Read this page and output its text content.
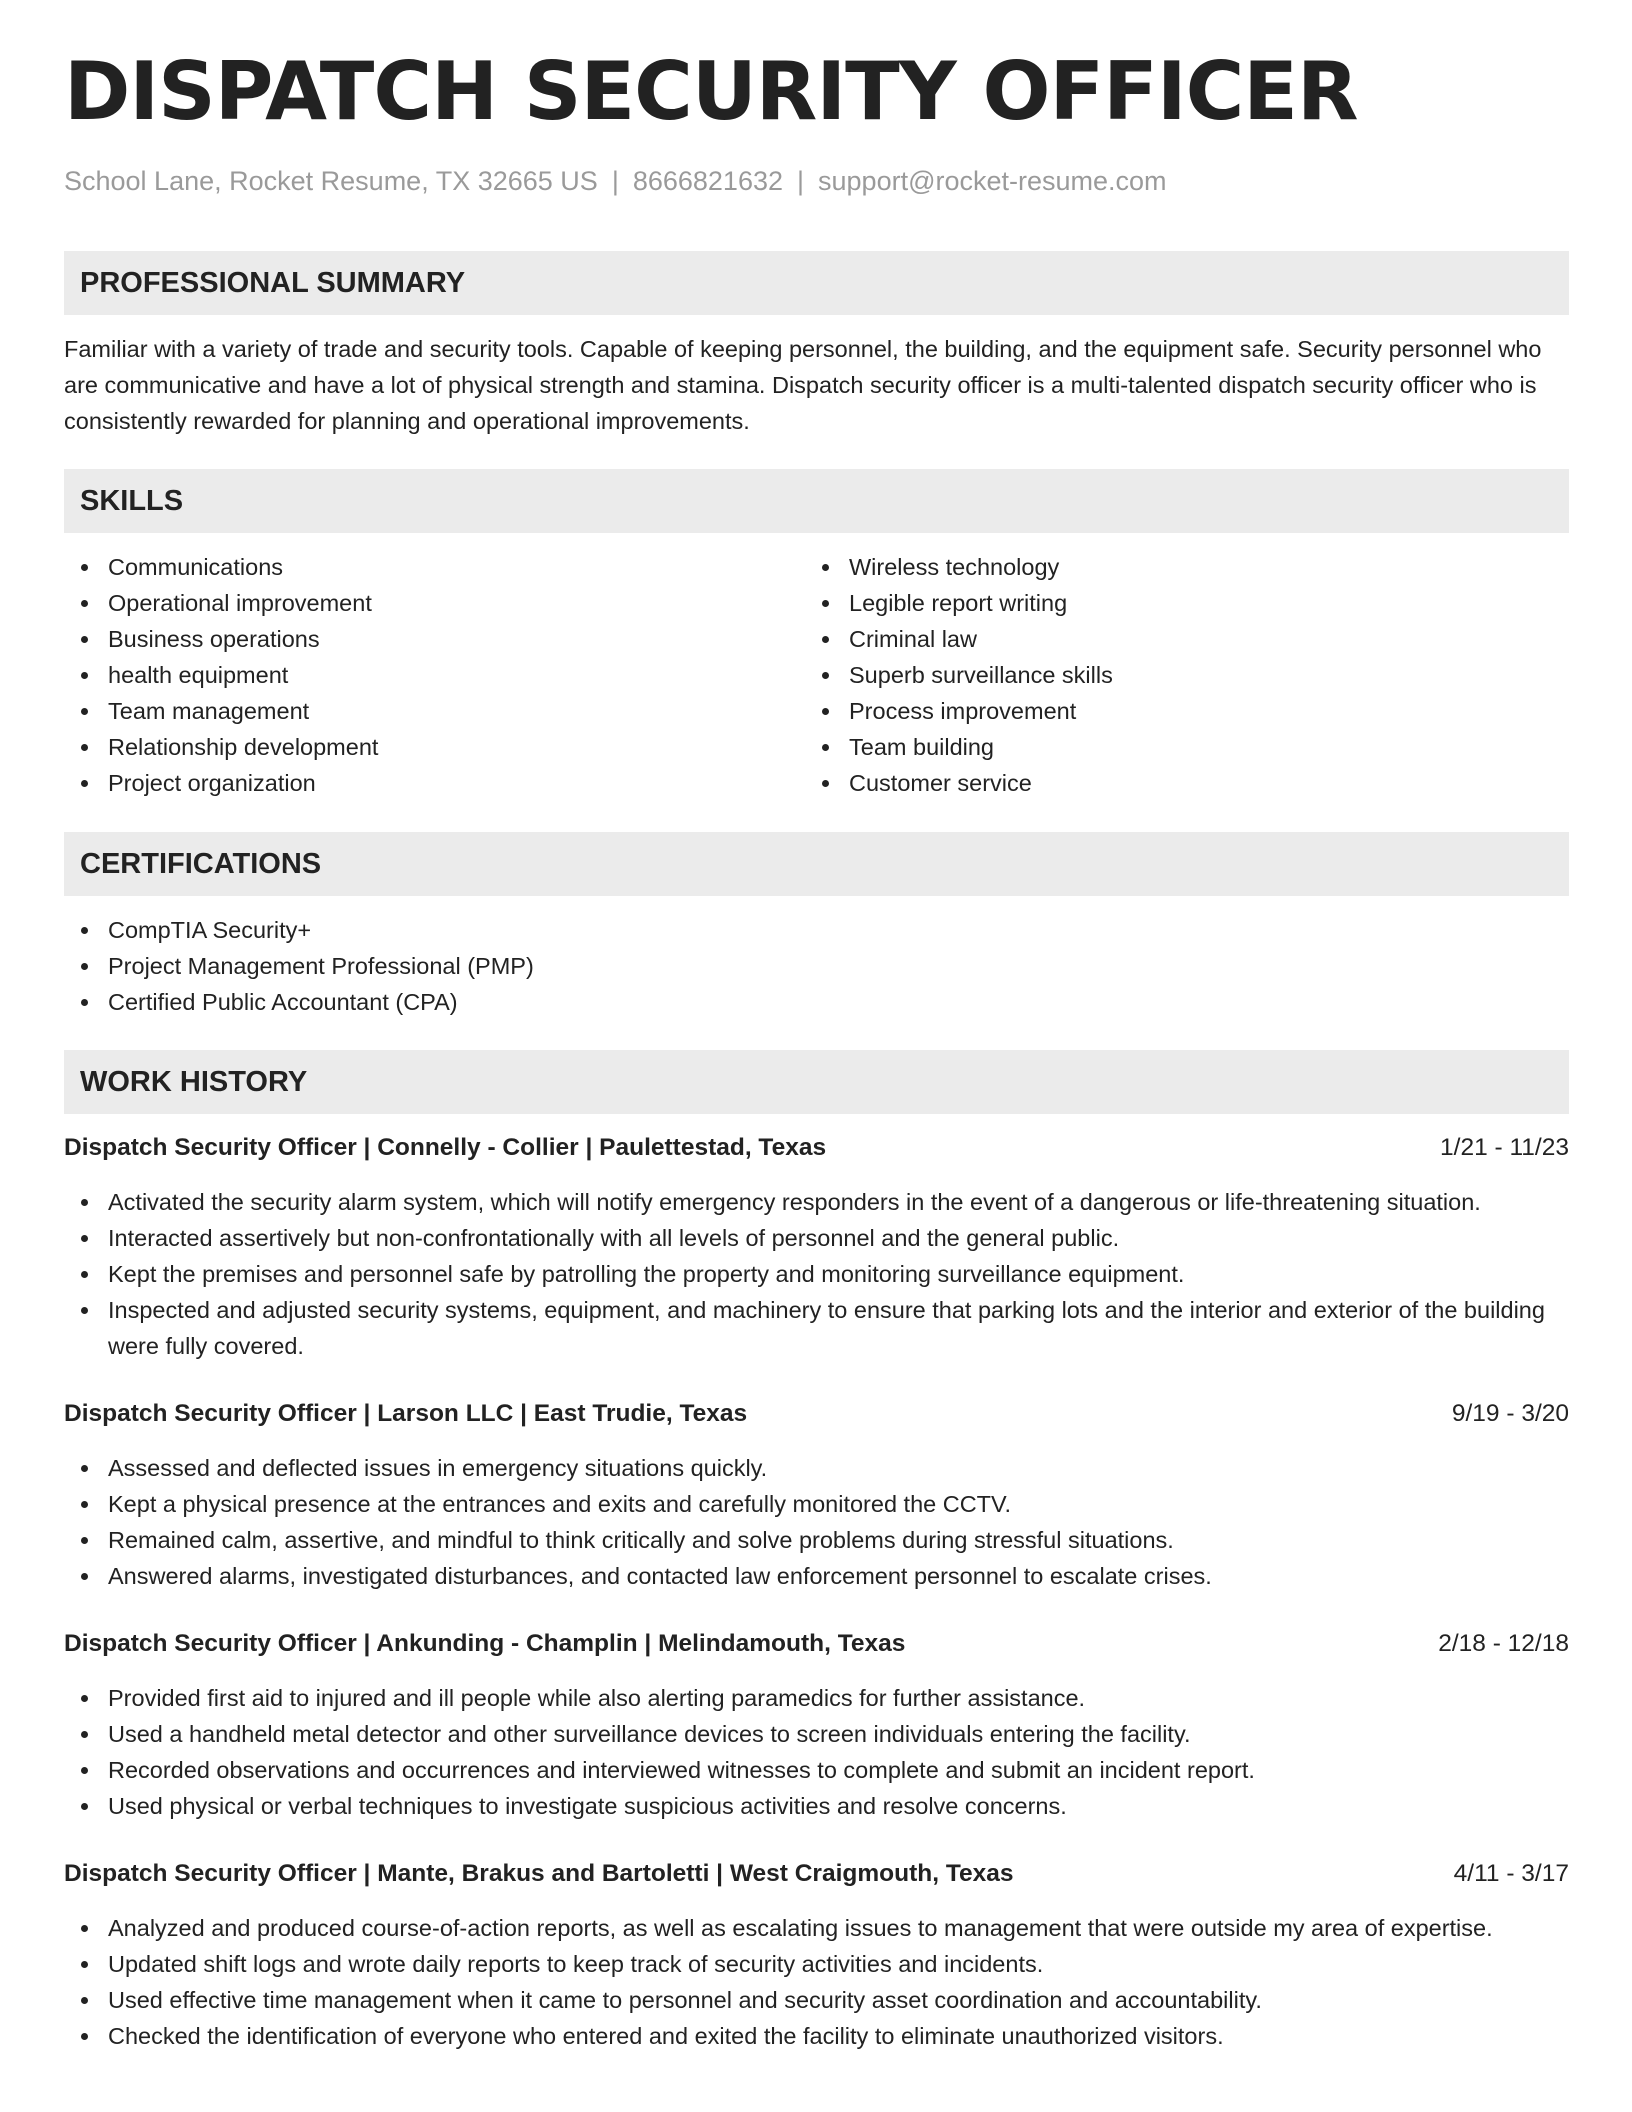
DISPATCH SECURITY OFFICER
School Lane, Rocket Resume, TX 32665 US | 8666821632 | support@rocket-resume.com
PROFESSIONAL SUMMARY
Familiar with a variety of trade and security tools. Capable of keeping personnel, the building, and the equipment safe. Security personnel who are communicative and have a lot of physical strength and stamina. Dispatch security officer is a multi-talented dispatch security officer who is consistently rewarded for planning and operational improvements.
SKILLS
Communications
Operational improvement
Business operations
health equipment
Team management
Relationship development
Project organization
Wireless technology
Legible report writing
Criminal law
Superb surveillance skills
Process improvement
Team building
Customer service
CERTIFICATIONS
CompTIA Security+
Project Management Professional (PMP)
Certified Public Accountant (CPA)
WORK HISTORY
Dispatch Security Officer | Connelly - Collier | Paulettestad, Texas	1/21 - 11/23
Activated the security alarm system, which will notify emergency responders in the event of a dangerous or life-threatening situation.
Interacted assertively but non-confrontationally with all levels of personnel and the general public.
Kept the premises and personnel safe by patrolling the property and monitoring surveillance equipment.
Inspected and adjusted security systems, equipment, and machinery to ensure that parking lots and the interior and exterior of the building were fully covered.
Dispatch Security Officer | Larson LLC | East Trudie, Texas	9/19 - 3/20
Assessed and deflected issues in emergency situations quickly.
Kept a physical presence at the entrances and exits and carefully monitored the CCTV.
Remained calm, assertive, and mindful to think critically and solve problems during stressful situations.
Answered alarms, investigated disturbances, and contacted law enforcement personnel to escalate crises.
Dispatch Security Officer | Ankunding - Champlin | Melindamouth, Texas	2/18 - 12/18
Provided first aid to injured and ill people while also alerting paramedics for further assistance.
Used a handheld metal detector and other surveillance devices to screen individuals entering the facility.
Recorded observations and occurrences and interviewed witnesses to complete and submit an incident report.
Used physical or verbal techniques to investigate suspicious activities and resolve concerns.
Dispatch Security Officer | Mante, Brakus and Bartoletti | West Craigmouth, Texas	4/11 - 3/17
Analyzed and produced course-of-action reports, as well as escalating issues to management that were outside my area of expertise.
Updated shift logs and wrote daily reports to keep track of security activities and incidents.
Used effective time management when it came to personnel and security asset coordination and accountability.
Checked the identification of everyone who entered and exited the facility to eliminate unauthorized visitors.
